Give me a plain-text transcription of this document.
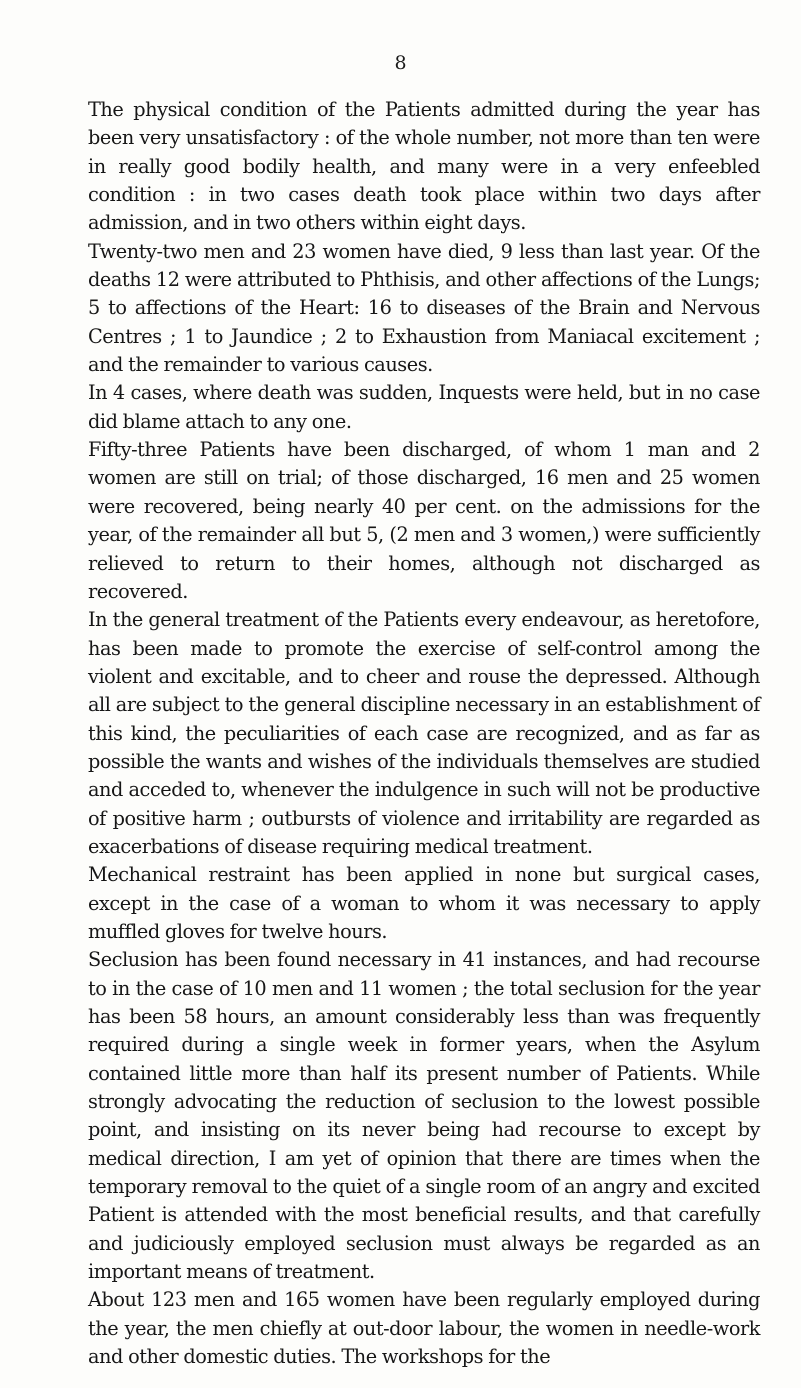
8

The physical condition of the Patients admitted during the year has been very unsatisfactory : of the whole number, not more than ten were in really good bodily health, and many were in a very enfeebled condition : in two cases death took place within two days after admission, and in two others within eight days.

Twenty-two men and 23 women have died, 9 less than last year. Of the deaths 12 were attributed to Phthisis, and other affections of the Lungs; 5 to affections of the Heart: 16 to diseases of the Brain and Nervous Centres ; 1 to Jaundice ; 2 to Exhaustion from Maniacal excitement ; and the remainder to various causes.

In 4 cases, where death was sudden, Inquests were held, but in no case did blame attach to any one.

Fifty-three Patients have been discharged, of whom 1 man and 2 women are still on trial; of those discharged, 16 men and 25 women were recovered, being nearly 40 per cent. on the admissions for the year, of the remainder all but 5, (2 men and 3 women,) were sufficiently relieved to return to their homes, although not discharged as recovered.

In the general treatment of the Patients every endeavour, as heretofore, has been made to promote the exercise of self-control among the violent and excitable, and to cheer and rouse the depressed. Although all are subject to the general discipline necessary in an establishment of this kind, the peculiarities of each case are recognized, and as far as possible the wants and wishes of the individuals themselves are studied and acceded to, whenever the indulgence in such will not be productive of positive harm ; outbursts of violence and irritability are regarded as exacerbations of disease requiring medical treatment.

Mechanical restraint has been applied in none but surgical cases, except in the case of a woman to whom it was necessary to apply muffled gloves for twelve hours.

Seclusion has been found necessary in 41 instances, and had recourse to in the case of 10 men and 11 women ; the total seclusion for the year has been 58 hours, an amount considerably less than was frequently required during a single week in former years, when the Asylum contained little more than half its present number of Patients. While strongly advocating the reduction of seclusion to the lowest possible point, and insisting on its never being had recourse to except by medical direction, I am yet of opinion that there are times when the temporary removal to the quiet of a single room of an angry and excited Patient is attended with the most beneficial results, and that carefully and judiciously employed seclusion must always be regarded as an important means of treatment.

About 123 men and 165 women have been regularly employed during the year, the men chiefly at out-door labour, the women in needle-work and other domestic duties. The workshops for the
